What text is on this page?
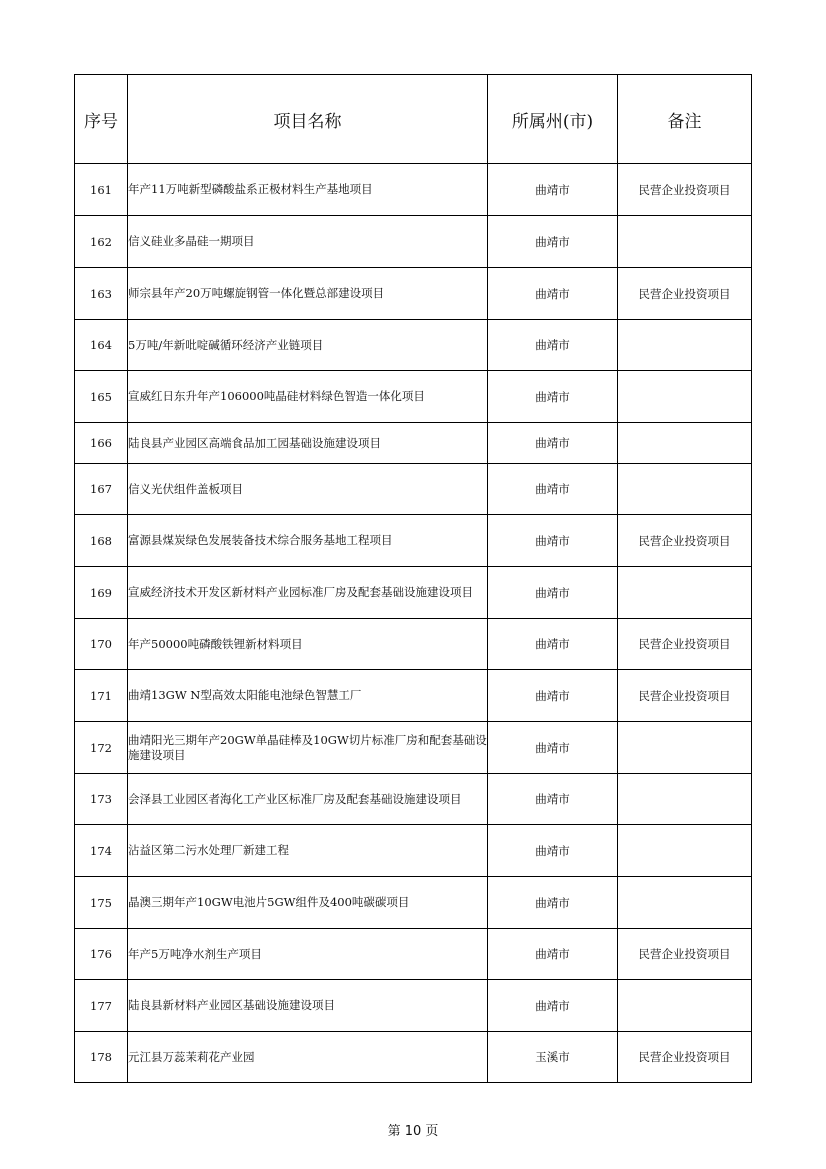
序号	项目名称	所属州(市)	备注
161	年产11万吨新型磷酸盐系正极材料生产基地项目	曲靖市	民营企业投资项目
162	信义硅业多晶硅一期项目	曲靖市	
163	师宗县年产20万吨螺旋钢管一体化暨总部建设项目	曲靖市	民营企业投资项目
164	5万吨/年新吡啶碱循环经济产业链项目	曲靖市	
165	宣威红日东升年产106000吨晶硅材料绿色智造一体化项目	曲靖市	
166	陆良县产业园区高端食品加工园基础设施建设项目	曲靖市	
167	信义光伏组件盖板项目	曲靖市	
168	富源县煤炭绿色发展装备技术综合服务基地工程项目	曲靖市	民营企业投资项目
169	宣威经济技术开发区新材料产业园标准厂房及配套基础设施建设项目	曲靖市	
170	年产50000吨磷酸铁锂新材料项目	曲靖市	民营企业投资项目
171	曲靖13GW N型高效太阳能电池绿色智慧工厂	曲靖市	民营企业投资项目
172	曲靖阳光三期年产20GW单晶硅棒及10GW切片标准厂房和配套基础设施建设项目	曲靖市	
173	会泽县工业园区者海化工产业区标准厂房及配套基础设施建设项目	曲靖市	
174	沾益区第二污水处理厂新建工程	曲靖市	
175	晶澳三期年产10GW电池片5GW组件及400吨碳碳项目	曲靖市	
176	年产5万吨净水剂生产项目	曲靖市	民营企业投资项目
177	陆良县新材料产业园区基础设施建设项目	曲靖市	
178	元江县万蕊茉莉花产业园	玉溪市	民营企业投资项目
第 10 页
